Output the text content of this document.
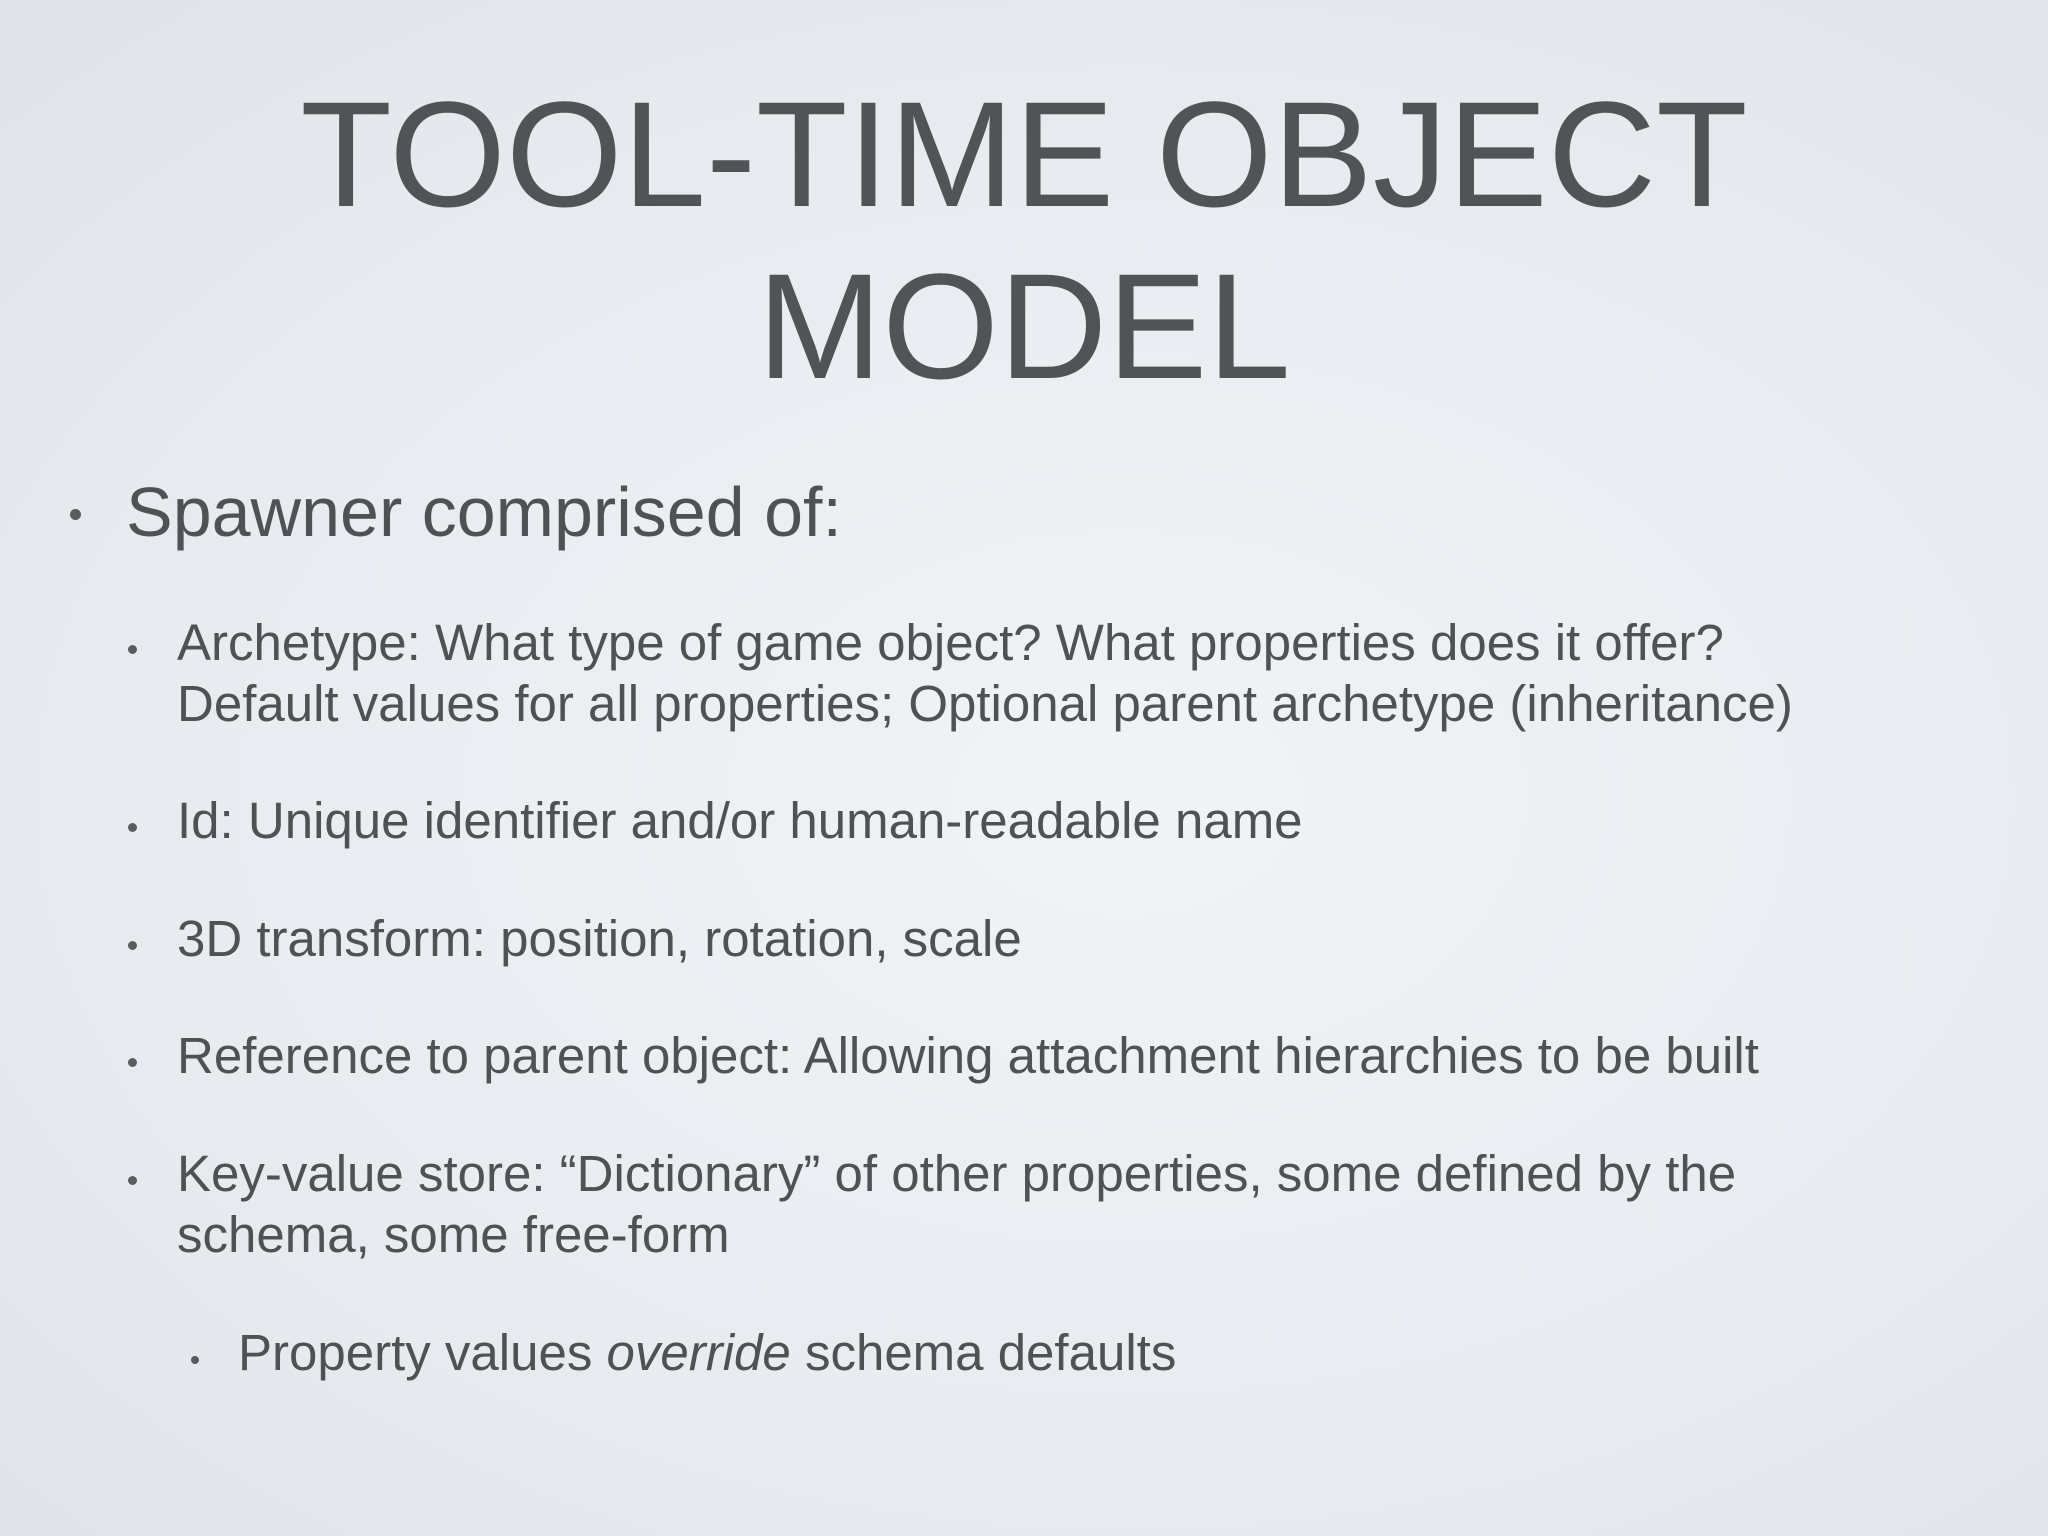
TOOL-TIME OBJECT
MODEL
Spawner comprised of:
Archetype: What type of game object? What properties does it offer?
Default values for all properties; Optional parent archetype (inheritance)
Id: Unique identifier and/or human-readable name
3D transform: position, rotation, scale
Reference to parent object: Allowing attachment hierarchies to be built
Key-value store: “Dictionary” of other properties, some defined by the
schema, some free-form
Property values override schema defaults
